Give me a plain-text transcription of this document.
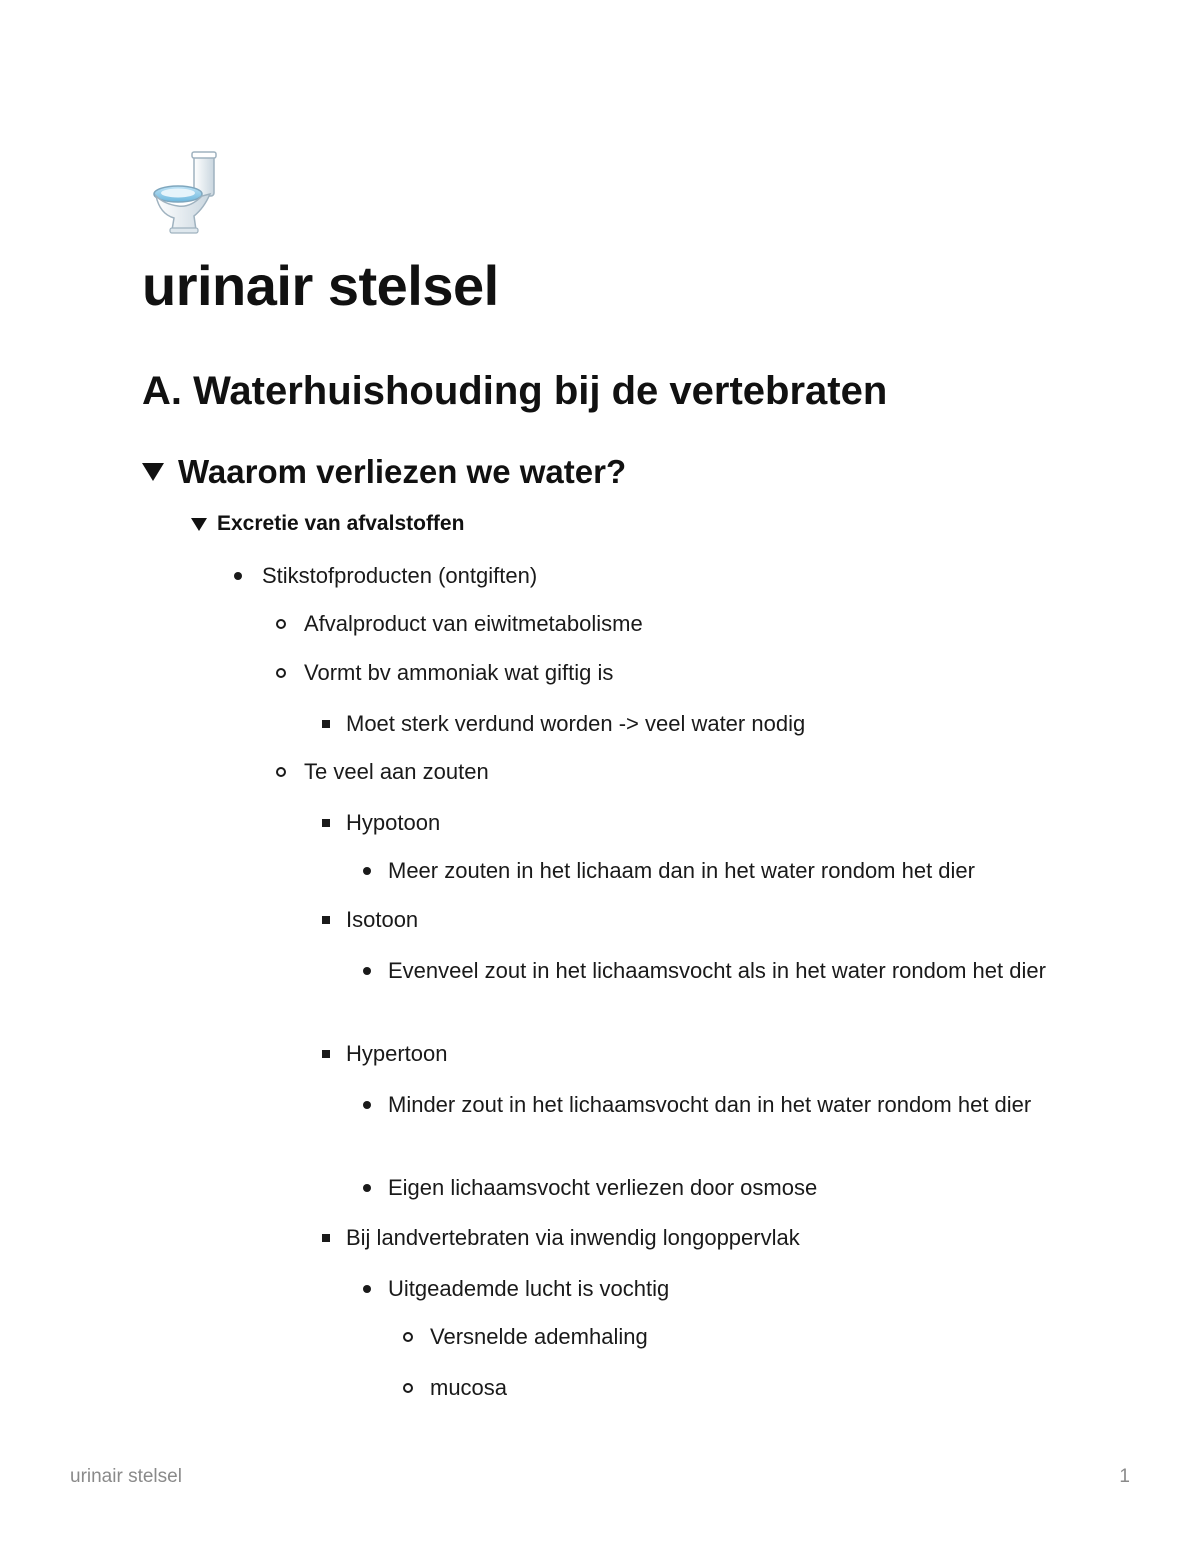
urinair stelsel
A. Waterhuishouding bij de vertebraten
Waarom verliezen we water?
Excretie van afvalstoffen
Stikstofproducten (ontgiften)
Afvalproduct van eiwitmetabolisme
Vormt bv ammoniak wat giftig is
Moet sterk verdund worden -> veel water nodig
Te veel aan zouten
Hypotoon
Meer zouten in het lichaam dan in het water rondom het dier
Isotoon
Evenveel zout in het lichaamsvocht als in het water rondom het dier
Hypertoon
Minder zout in het lichaamsvocht dan in het water rondom het dier
Eigen lichaamsvocht verliezen door osmose
Bij landvertebraten via inwendig longoppervlak
Uitgeademde lucht is vochtig
Versnelde ademhaling
mucosa
urinair stelsel	1
